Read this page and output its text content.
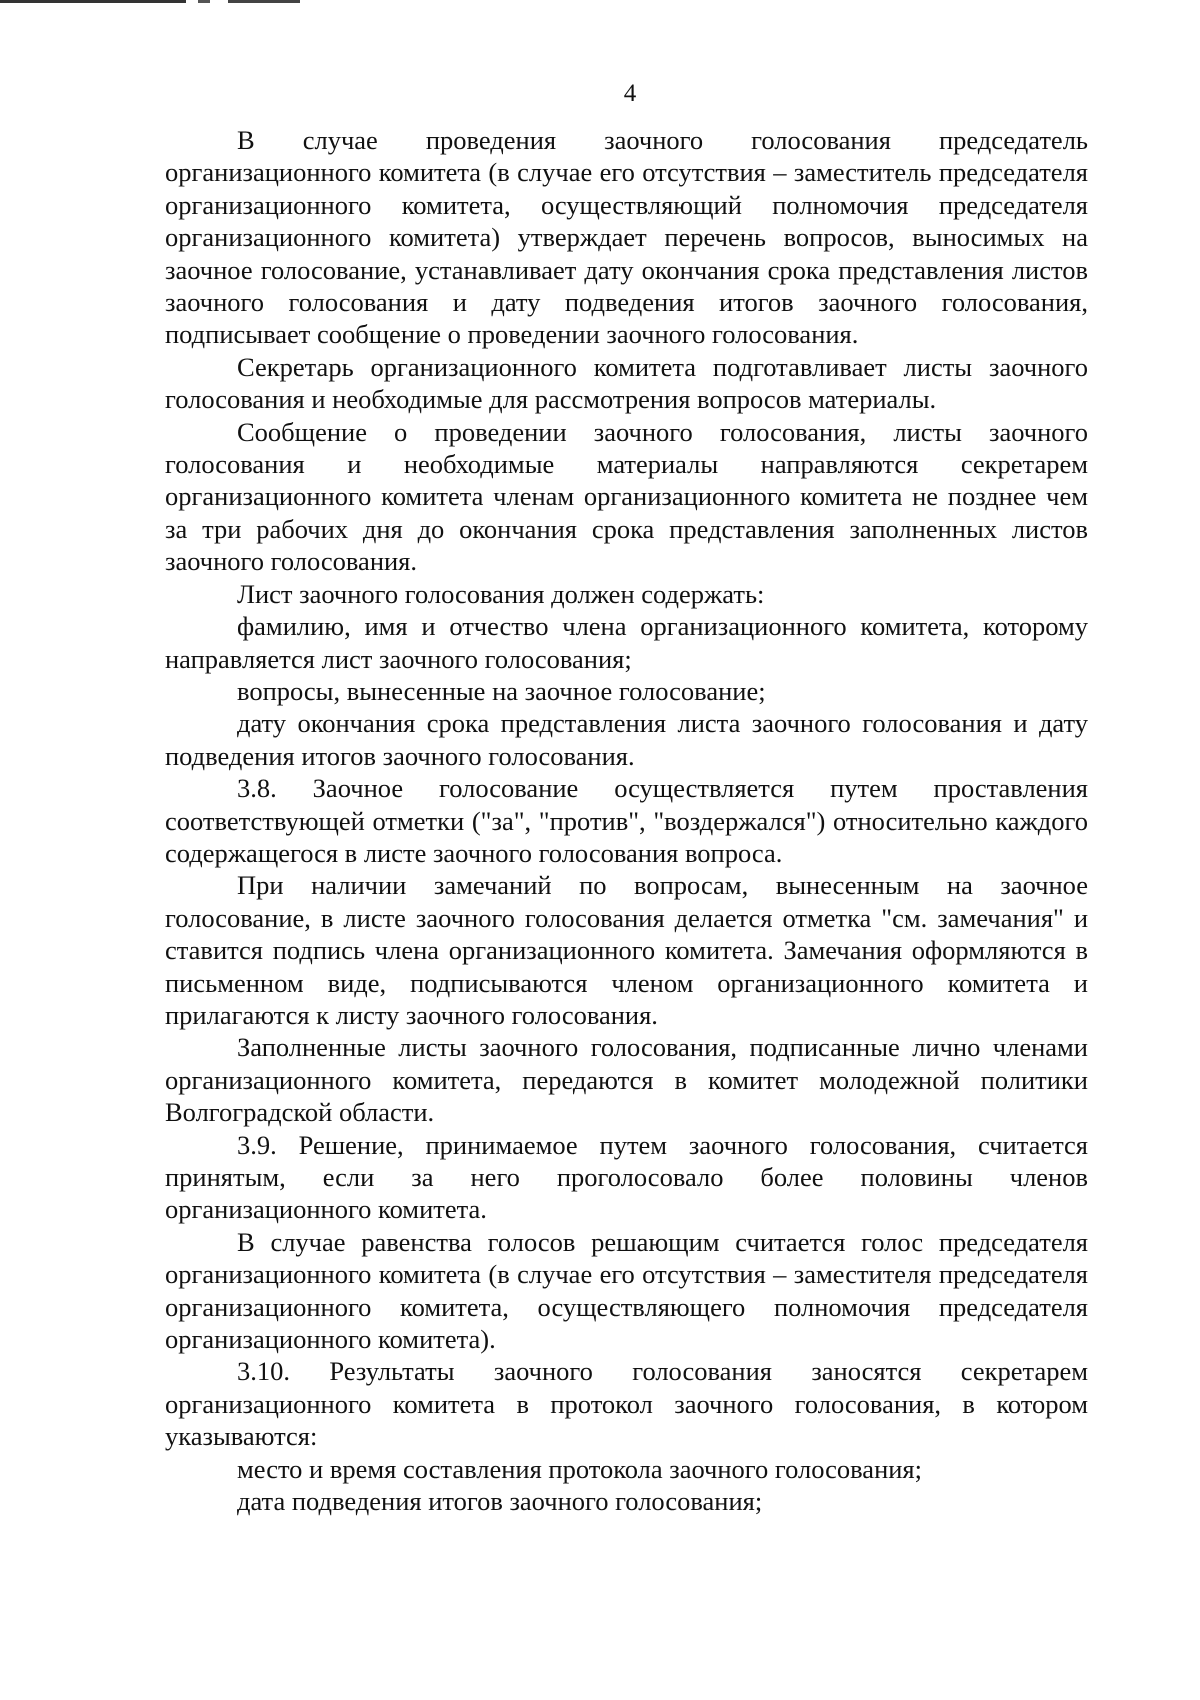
4

В случае проведения заочного голосования председатель организационного комитета (в случае его отсутствия – заместитель председателя организационного комитета, осуществляющий полномочия председателя организационного комитета) утверждает перечень вопросов, выносимых на заочное голосование, устанавливает дату окончания срока представления листов заочного голосования и дату подведения итогов заочного голосования, подписывает сообщение о проведении заочного голосования.

Секретарь организационного комитета подготавливает листы заочного голосования и необходимые для рассмотрения вопросов материалы.

Сообщение о проведении заочного голосования, листы заочного голосования и необходимые материалы направляются секретарем организационного комитета членам организационного комитета не позднее чем за три рабочих дня до окончания срока представления заполненных листов заочного голосования.

Лист заочного голосования должен содержать:

фамилию, имя и отчество члена организационного комитета, которому направляется лист заочного голосования;

вопросы, вынесенные на заочное голосование;

дату окончания срока представления листа заочного голосования и дату подведения итогов заочного голосования.

3.8. Заочное голосование осуществляется путем проставления соответствующей отметки ("за", "против", "воздержался") относительно каждого содержащегося в листе заочного голосования вопроса.

При наличии замечаний по вопросам, вынесенным на заочное голосование, в листе заочного голосования делается отметка "см. замечания" и ставится подпись члена организационного комитета. Замечания оформляются в письменном виде, подписываются членом организационного комитета и прилагаются к листу заочного голосования.

Заполненные листы заочного голосования, подписанные лично членами организационного комитета, передаются в комитет молодежной политики Волгоградской области.

3.9. Решение, принимаемое путем заочного голосования, считается принятым, если за него проголосовало более половины членов организационного комитета.

В случае равенства голосов решающим считается голос председателя организационного комитета (в случае его отсутствия – заместителя председателя организационного комитета, осуществляющего полномочия председателя организационного комитета).

3.10. Результаты заочного голосования заносятся секретарем организационного комитета в протокол заочного голосования, в котором указываются:

место и время составления протокола заочного голосования;

дата подведения итогов заочного голосования;
